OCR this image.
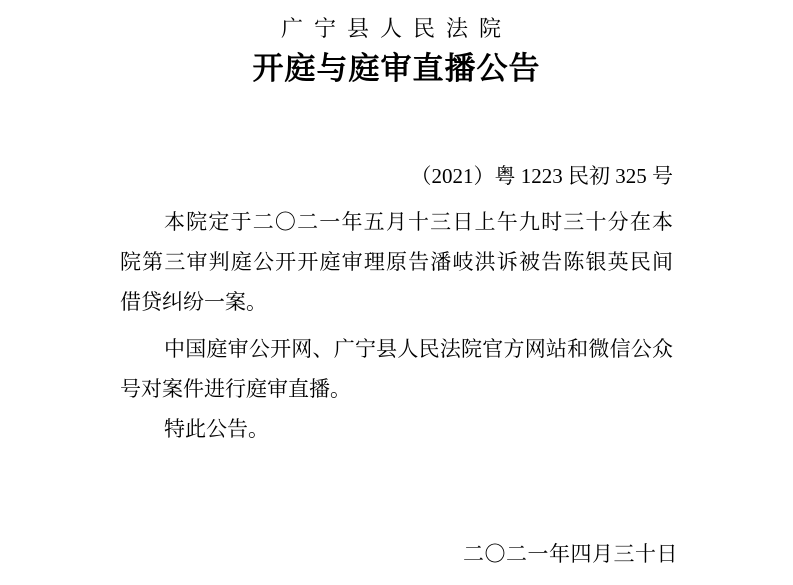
广宁县人民法院
开庭与庭审直播公告
（2021）粤 1223 民初 325 号
本院定于二〇二一年五月十三日上午九时三十分在本
院第三审判庭公开开庭审理原告潘岐洪诉被告陈银英民间
借贷纠纷一案。
中国庭审公开网、广宁县人民法院官方网站和微信公众
号对案件进行庭审直播。
特此公告。
二〇二一年四月三十日
